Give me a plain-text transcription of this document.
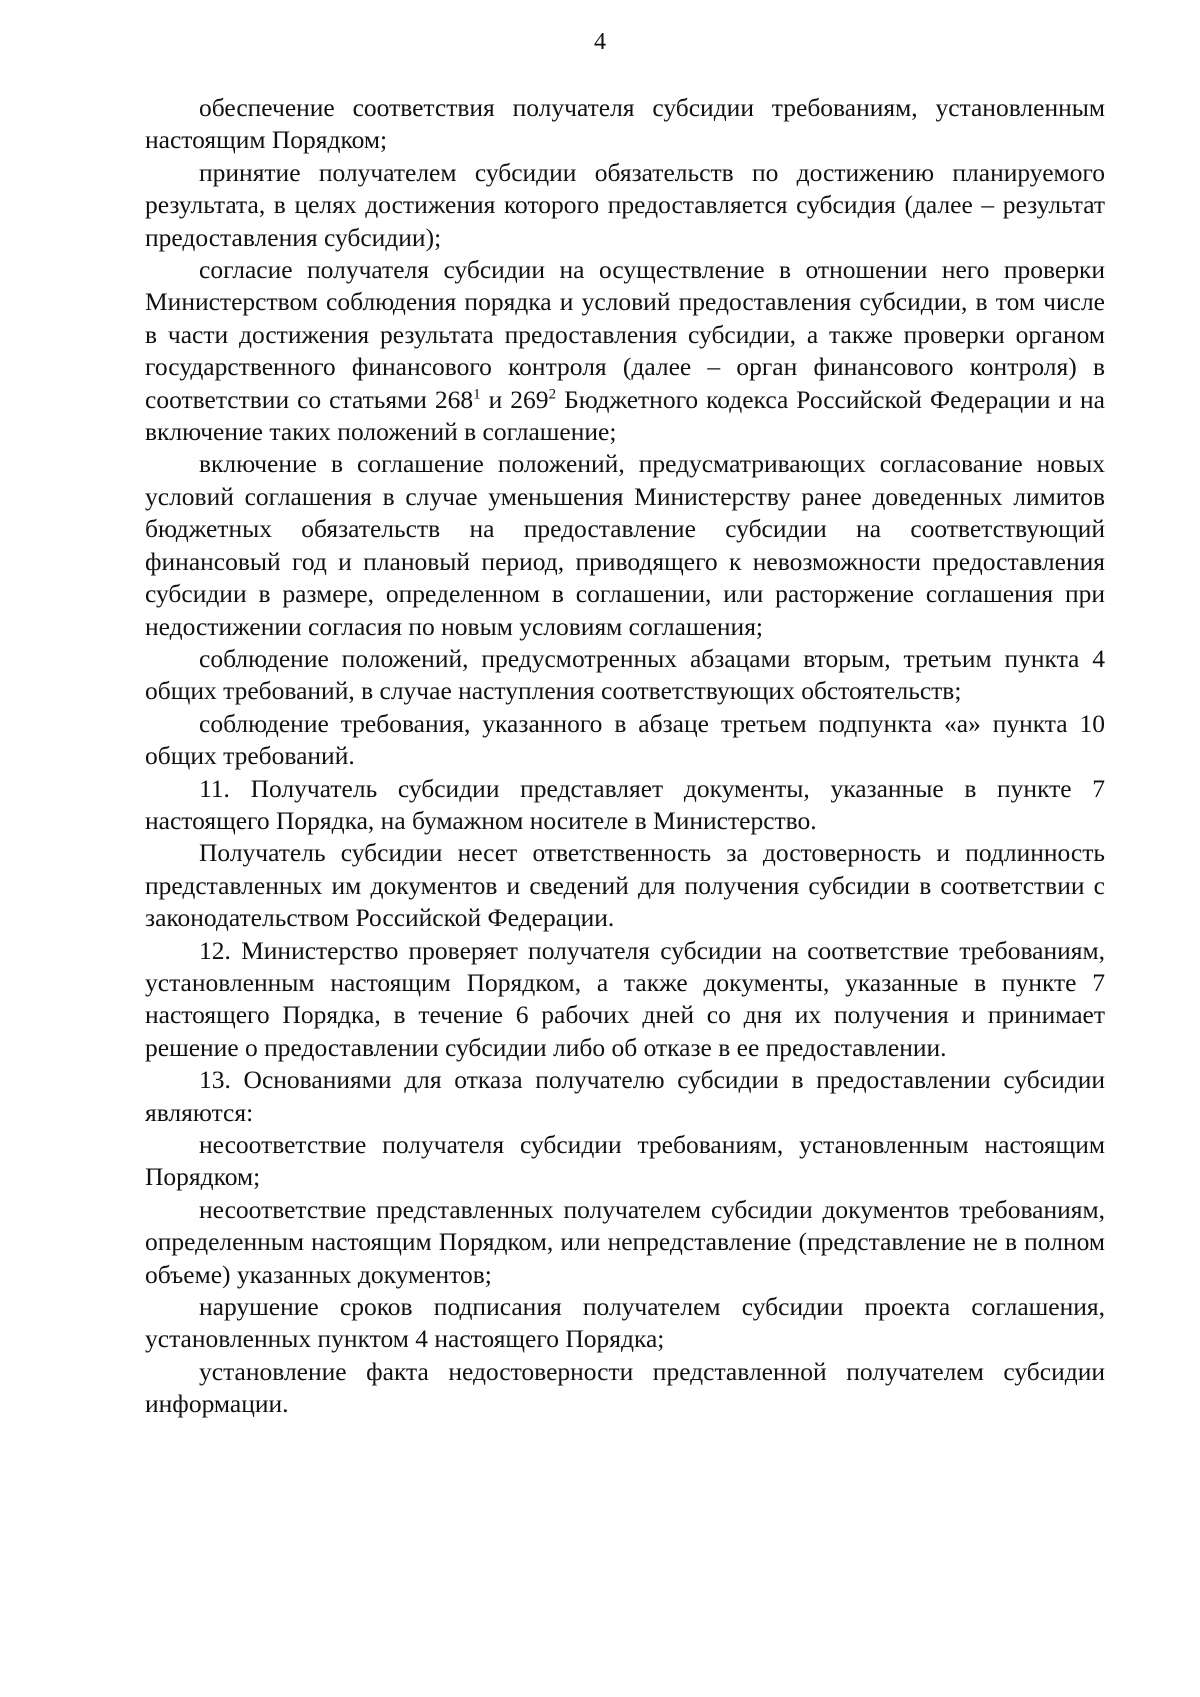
4

обеспечение соответствия получателя субсидии требованиям, установленным настоящим Порядком;

принятие получателем субсидии обязательств по достижению планируемого результата, в целях достижения которого предоставляется субсидия (далее – результат предоставления субсидии);

согласие получателя субсидии на осуществление в отношении него проверки Министерством соблюдения порядка и условий предоставления субсидии, в том числе в части достижения результата предоставления субсидии, а также проверки органом государственного финансового контроля (далее – орган финансового контроля) в соответствии со статьями $268^1$ и $269^2$ Бюджетного кодекса Российской Федерации и на включение таких положений в соглашение;

включение в соглашение положений, предусматривающих согласование новых условий соглашения в случае уменьшения Министерству ранее доведенных лимитов бюджетных обязательств на предоставление субсидии на соответствующий финансовый год и плановый период, приводящего к невозможности предоставления субсидии в размере, определенном в соглашении, или расторжение соглашения при недостижении согласия по новым условиям соглашения;

соблюдение положений, предусмотренных абзацами вторым, третьим пункта 4 общих требований, в случае наступления соответствующих обстоятельств;

соблюдение требования, указанного в абзаце третьем подпункта «а» пункта 10 общих требований.

11. Получатель субсидии представляет документы, указанные в пункте 7 настоящего Порядка, на бумажном носителе в Министерство.

Получатель субсидии несет ответственность за достоверность и подлинность представленных им документов и сведений для получения субсидии в соответствии с законодательством Российской Федерации.

12. Министерство проверяет получателя субсидии на соответствие требованиям, установленным настоящим Порядком, а также документы, указанные в пункте 7 настоящего Порядка, в течение 6 рабочих дней со дня их получения и принимает решение о предоставлении субсидии либо об отказе в ее предоставлении.

13. Основаниями для отказа получателю субсидии в предоставлении субсидии являются:

несоответствие получателя субсидии требованиям, установленным настоящим Порядком;

несоответствие представленных получателем субсидии документов требованиям, определенным настоящим Порядком, или непредставление (представление не в полном объеме) указанных документов;

нарушение сроков подписания получателем субсидии проекта соглашения, установленных пунктом 4 настоящего Порядка;

установление факта недостоверности представленной получателем субсидии информации.
